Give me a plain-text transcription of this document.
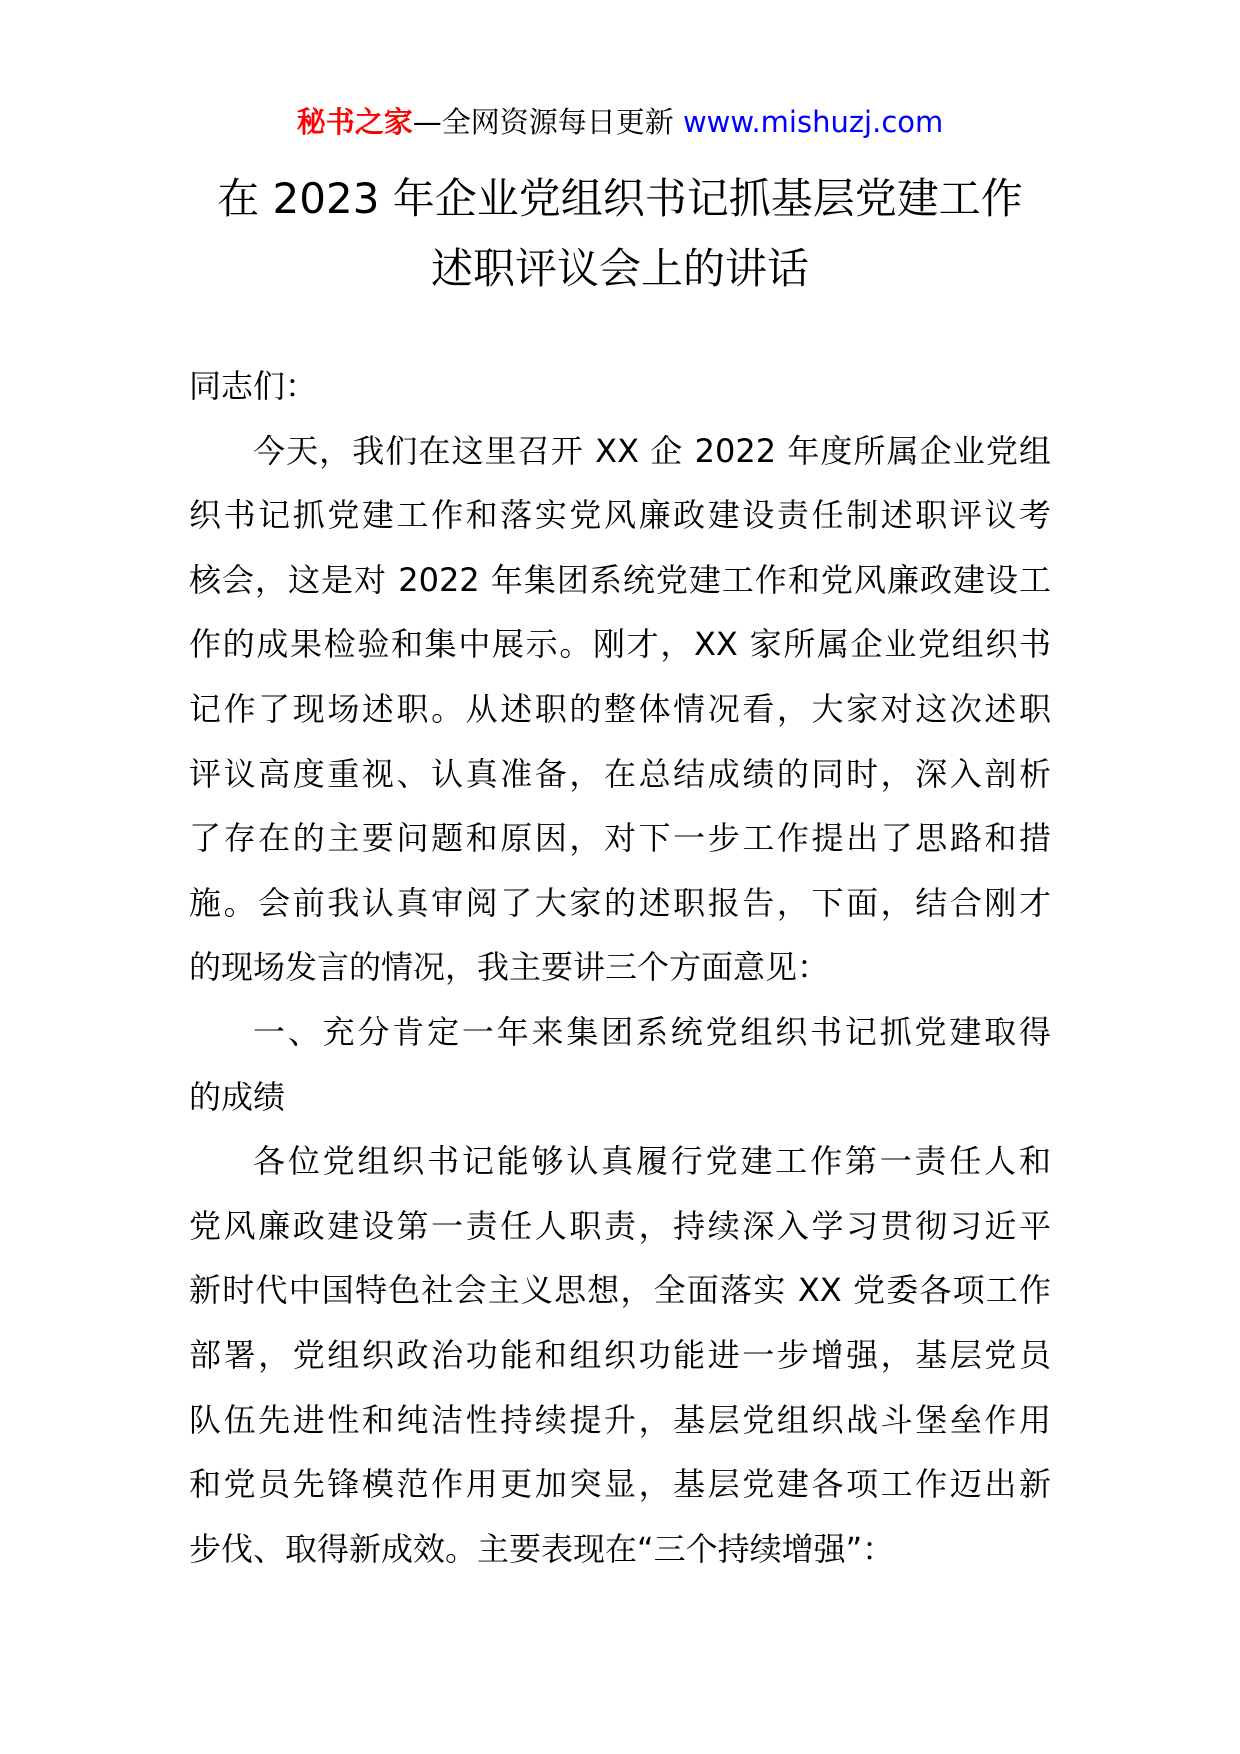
秘书之家—全网资源每日更新 www.mishuzj.com
在 2023 年企业党组织书记抓基层党建工作
述职评议会上的讲话

同志们：

今天，我们在这里召开 XX 企 2022 年度所属企业党组

织书记抓党建工作和落实党风廉政建设责任制述职评议考

核会，这是对 2022 年集团系统党建工作和党风廉政建设工

作的成果检验和集中展示。刚才，XX 家所属企业党组织书

记作了现场述职。从述职的整体情况看，大家对这次述职

评议高度重视、认真准备，在总结成绩的同时，深入剖析

了存在的主要问题和原因，对下一步工作提出了思路和措

施。会前我认真审阅了大家的述职报告，下面，结合刚才

的现场发言的情况，我主要讲三个方面意见：

一、充分肯定一年来集团系统党组织书记抓党建取得

的成绩

各位党组织书记能够认真履行党建工作第一责任人和

党风廉政建设第一责任人职责，持续深入学习贯彻习近平

新时代中国特色社会主义思想，全面落实 XX 党委各项工作

部署，党组织政治功能和组织功能进一步增强，基层党员

队伍先进性和纯洁性持续提升，基层党组织战斗堡垒作用

和党员先锋模范作用更加突显，基层党建各项工作迈出新

步伐、取得新成效。主要表现在“三个持续增强”：
